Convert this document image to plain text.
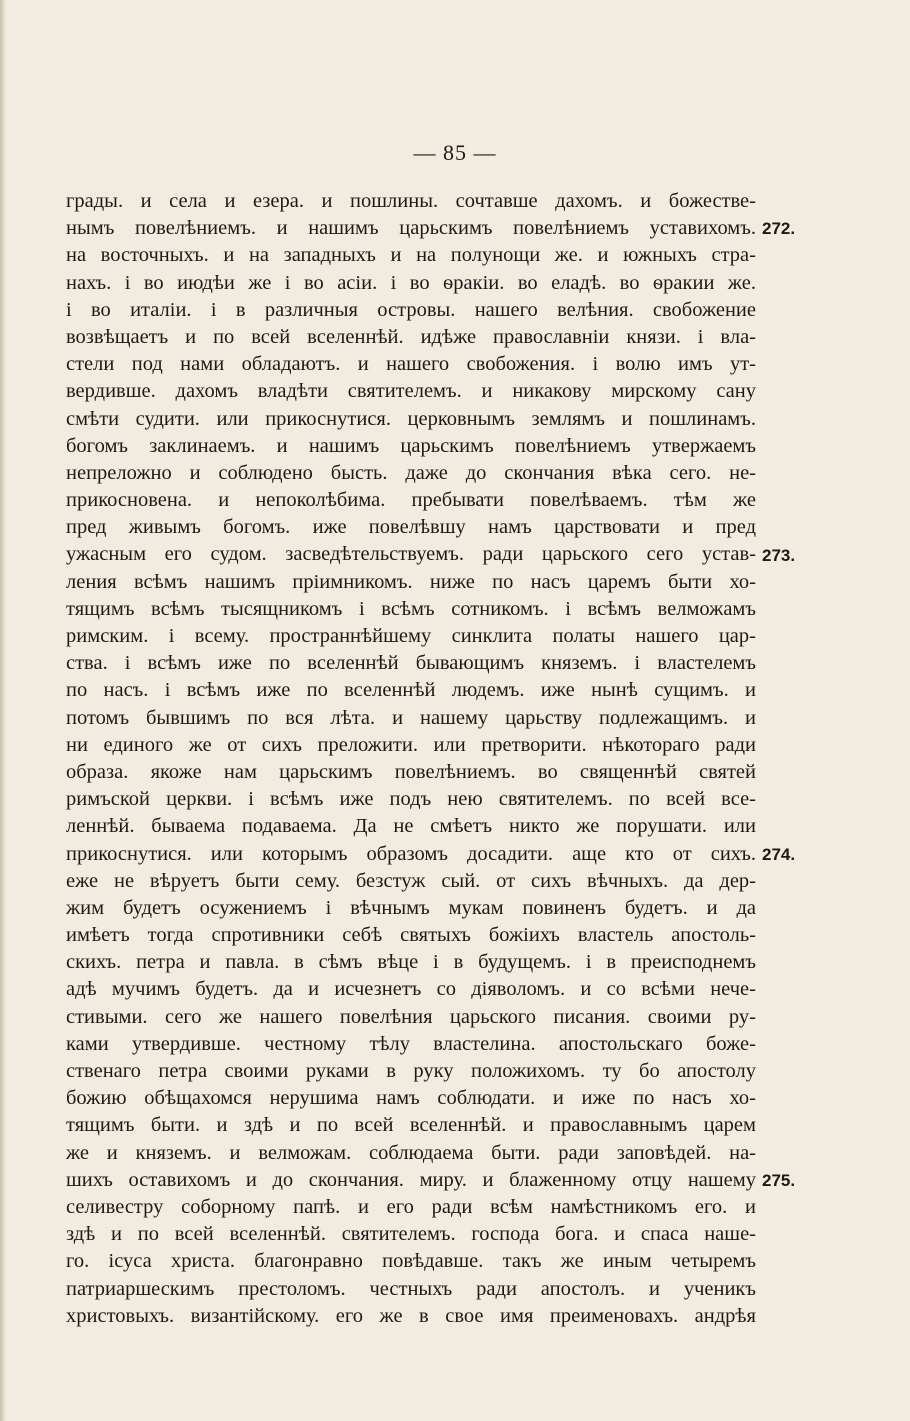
— 85 —
грады. и села и езера. и пошлины. сочтавше дахомъ. и божестве-
нымъ повелѣниемъ. и нашимъ царьскимъ повелѣниемъ уставихомъ.
на восточныхъ. и на западныхъ и на полунощи же. и южныхъ стра-
нахъ. і во июдѣи же і во асіи. і во ѳракіи. во еладѣ. во ѳракии же.
і во италіи. і в различныя островы. нашего велѣния. свобожение
возвѣщаетъ и по всей вселеннѣй. идѣже православніи князи. і вла-
стели под нами обладаютъ. и нашего свобожения. і волю имъ ут-
вердивше. дахомъ владѣти святителемъ. и никакову мирскому сану
смѣти судити. или прикоснутися. церковнымъ землямъ и пошлинамъ.
богомъ заклинаемъ. и нашимъ царьскимъ повелѣниемъ утвержаемъ
непреложно и соблюдено бысть. даже до скончания вѣка сего. не-
прикосновена. и непоколѣбима. пребывати повелѣваемъ. тѣм же
пред живымъ богомъ. иже повелѣвшу намъ царствовати и пред
ужасным его судом. засведѣтельствуемъ. ради царьского сего устав-
ления всѣмъ нашимъ пріимникомъ. ниже по насъ царемъ быти хо-
тящимъ всѣмъ тысящникомъ і всѣмъ сотникомъ. і всѣмъ велможамъ
римским. і всему. пространнѣйшему синклита полаты нашего цар-
ства. і всѣмъ иже по вселеннѣй бывающимъ княземъ. і властелемъ
по насъ. і всѣмъ иже по вселеннѣй людемъ. иже нынѣ сущимъ. и
потомъ бывшимъ по вся лѣта. и нашему царьству подлежащимъ. и
ни единого же от сихъ преложити. или претворити. нѣкотораго ради
образа. якоже нам царьскимъ повелѣниемъ. во священнѣй святей
римъской церкви. і всѣмъ иже подъ нею святителемъ. по всей все-
леннѣй. бываема подаваема. Да не смѣетъ никто же порушати. или
прикоснутися. или которымъ образомъ досадити. аще кто от сихъ.
еже не вѣруетъ быти сему. безстуж сый. от сихъ вѣчныхъ. да дер-
жим будетъ осужениемъ і вѣчнымъ мукам повиненъ будетъ. и да
имѣетъ тогда спротивники себѣ святыхъ божіихъ властель апостоль-
скихъ. петра и павла. в сѣмъ вѣце і в будущемъ. і в преисподнемъ
адѣ мучимъ будетъ. да и исчезнетъ со діяволомъ. и со всѣми нече-
стивыми. сего же нашего повелѣния царьского писания. своими ру-
ками утвердивше. честному тѣлу властелина. апостольскаго боже-
ственаго петра своими руками в руку положихомъ. ту бо апостолу
божию обѣщахомся нерушима намъ соблюдати. и иже по насъ хо-
тящимъ быти. и здѣ и по всей вселеннѣй. и православнымъ царем
же и княземъ. и велможам. соблюдаема быти. ради заповѣдей. на-
шихъ оставихомъ и до скончания. миру. и блаженному отцу нашему
селивестру соборному папѣ. и его ради всѣм намѣстникомъ его. и
здѣ и по всей вселеннѣй. святителемъ. господа бога. и спаса наше-
го. ісуса христа. благонравно повѣдавше. такъ же иным четыремъ
патриаршескимъ престоломъ. честныхъ ради апостолъ. и ученикъ
христовыхъ. византійскому. его же в свое имя преименовахъ. андрѣя
272.
273.
274.
275.
